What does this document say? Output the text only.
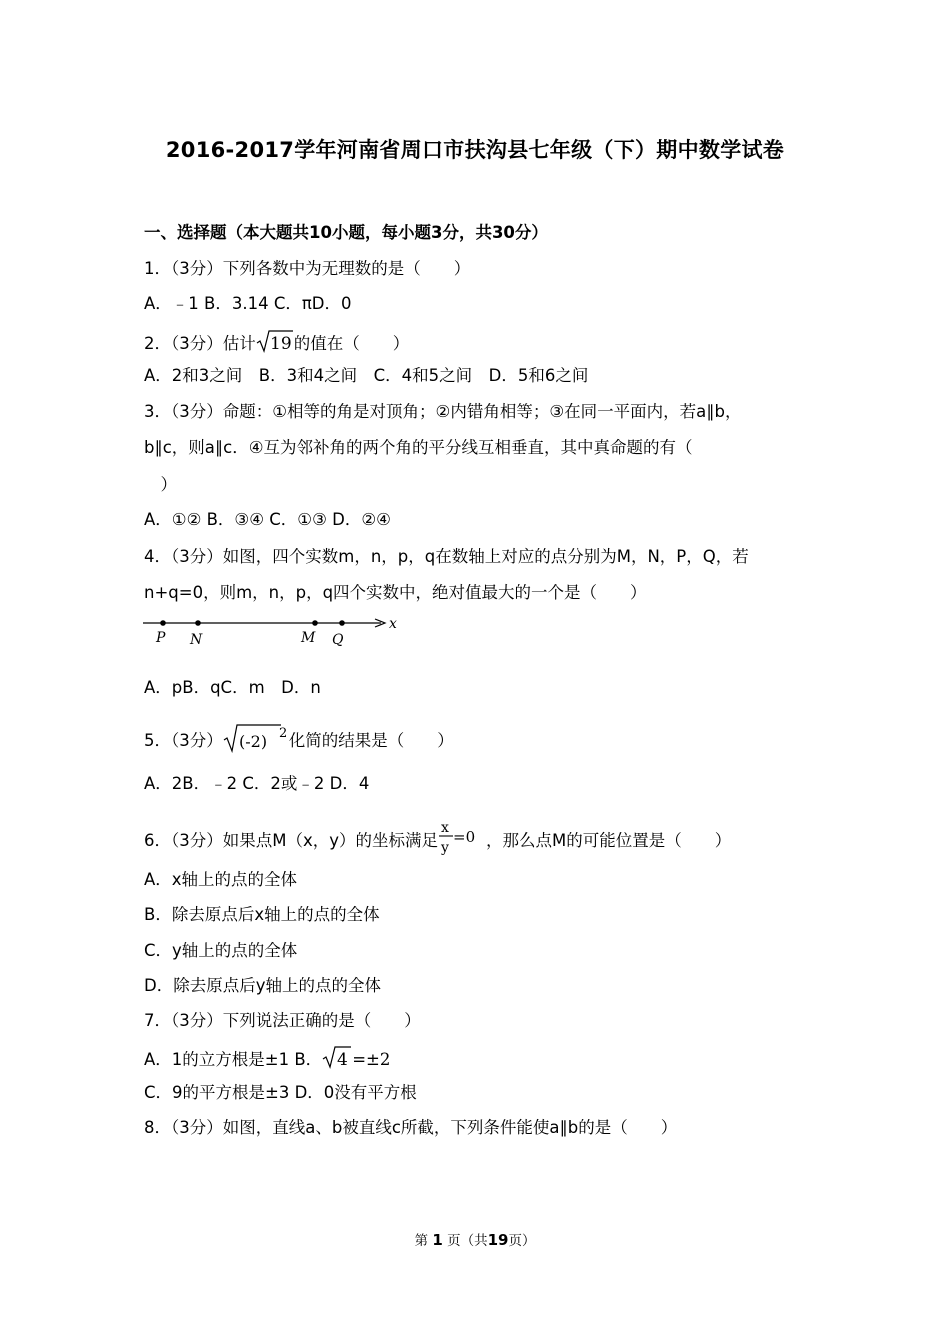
2016-2017学年河南省周口市扶沟县七年级（下）期中数学试卷
一、选择题（本大题共10小题，每小题3分，共30分）
1．（3分）下列各数中为无理数的是（　　）
A．﹣1 B．3.14 C．πD．0
2．（3分）估计 19 的值在（　　）
A．2和3之间　B．3和4之间　C．4和5之间　D．5和6之间
3．（3分）命题：①相等的角是对顶角；②内错角相等；③在同一平面内，若a∥b，
b∥c，则a∥c．④互为邻补角的两个角的平分线互相垂直，其中真命题的有（
　）
A．①② B．③④ C．①③ D．②④
4．（3分）如图，四个实数m，n，p，q在数轴上对应的点分别为M，N，P，Q，若
n+q=0，则m，n，p，q四个实数中，绝对值最大的一个是（　　）
x
P N	M Q
A．pB．qC．m　D．n
5．（3分） (-2) 2 化简的结果是（　　）
A．2B．﹣2 C．2或﹣2 D．4
6．（3分）如果点M（x，y）的坐标满足
x
y
=0 ，那么点M的可能位置是（　　）
A．x轴上的点的全体
B．除去原点后x轴上的点的全体
C．y轴上的点的全体
D．除去原点后y轴上的点的全体
7．（3分）下列说法正确的是（　　）
A．1的立方根是±1 B． 4 =±2
C．9的平方根是±3 D．0没有平方根
8．（3分）如图，直线a、b被直线c所截，下列条件能使a∥b的是（　　）
第 1 页（共19页）
